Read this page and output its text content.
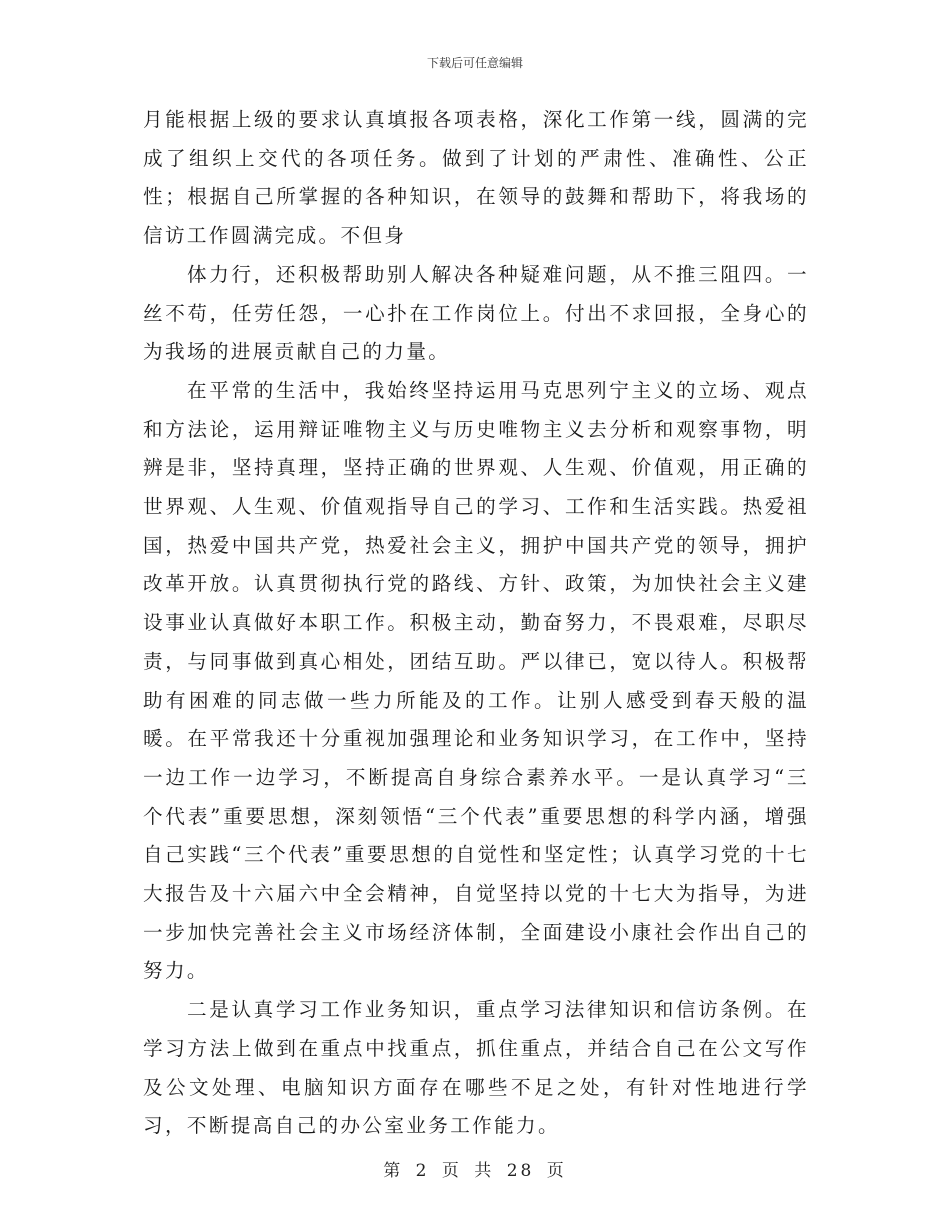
下载后可任意编辑

月能根据上级的要求认真填报各项表格，深化工作第一线，圆满的完成了组织上交代的各项任务。做到了计划的严肃性、准确性、公正性；根据自己所掌握的各种知识，在领导的鼓舞和帮助下，将我场的信访工作圆满完成。不但身

体力行，还积极帮助别人解决各种疑难问题，从不推三阻四。一丝不苟，任劳任怨，一心扑在工作岗位上。付出不求回报，全身心的为我场的进展贡献自己的力量。

在平常的生活中，我始终坚持运用马克思列宁主义的立场、观点和方法论，运用辩证唯物主义与历史唯物主义去分析和观察事物，明辨是非，坚持真理，坚持正确的世界观、人生观、价值观，用正确的世界观、人生观、价值观指导自己的学习、工作和生活实践。热爱祖国，热爱中国共产党，热爱社会主义，拥护中国共产党的领导，拥护改革开放。认真贯彻执行党的路线、方针、政策，为加快社会主义建设事业认真做好本职工作。积极主动，勤奋努力，不畏艰难，尽职尽责，与同事做到真心相处，团结互助。严以律已，宽以待人。积极帮助有困难的同志做一些力所能及的工作。让别人感受到春天般的温暖。在平常我还十分重视加强理论和业务知识学习，在工作中，坚持一边工作一边学习，不断提高自身综合素养水平。一是认真学习“三个代表”重要思想，深刻领悟“三个代表”重要思想的科学内涵，增强自己实践“三个代表”重要思想的自觉性和坚定性；认真学习党的十七大报告及十六届六中全会精神，自觉坚持以党的十七大为指导，为进一步加快完善社会主义市场经济体制，全面建设小康社会作出自己的努力。

二是认真学习工作业务知识，重点学习法律知识和信访条例。在学习方法上做到在重点中找重点，抓住重点，并结合自己在公文写作及公文处理、电脑知识方面存在哪些不足之处，有针对性地进行学习，不断提高自己的办公室业务工作能力。

第 2 页 共 28 页
